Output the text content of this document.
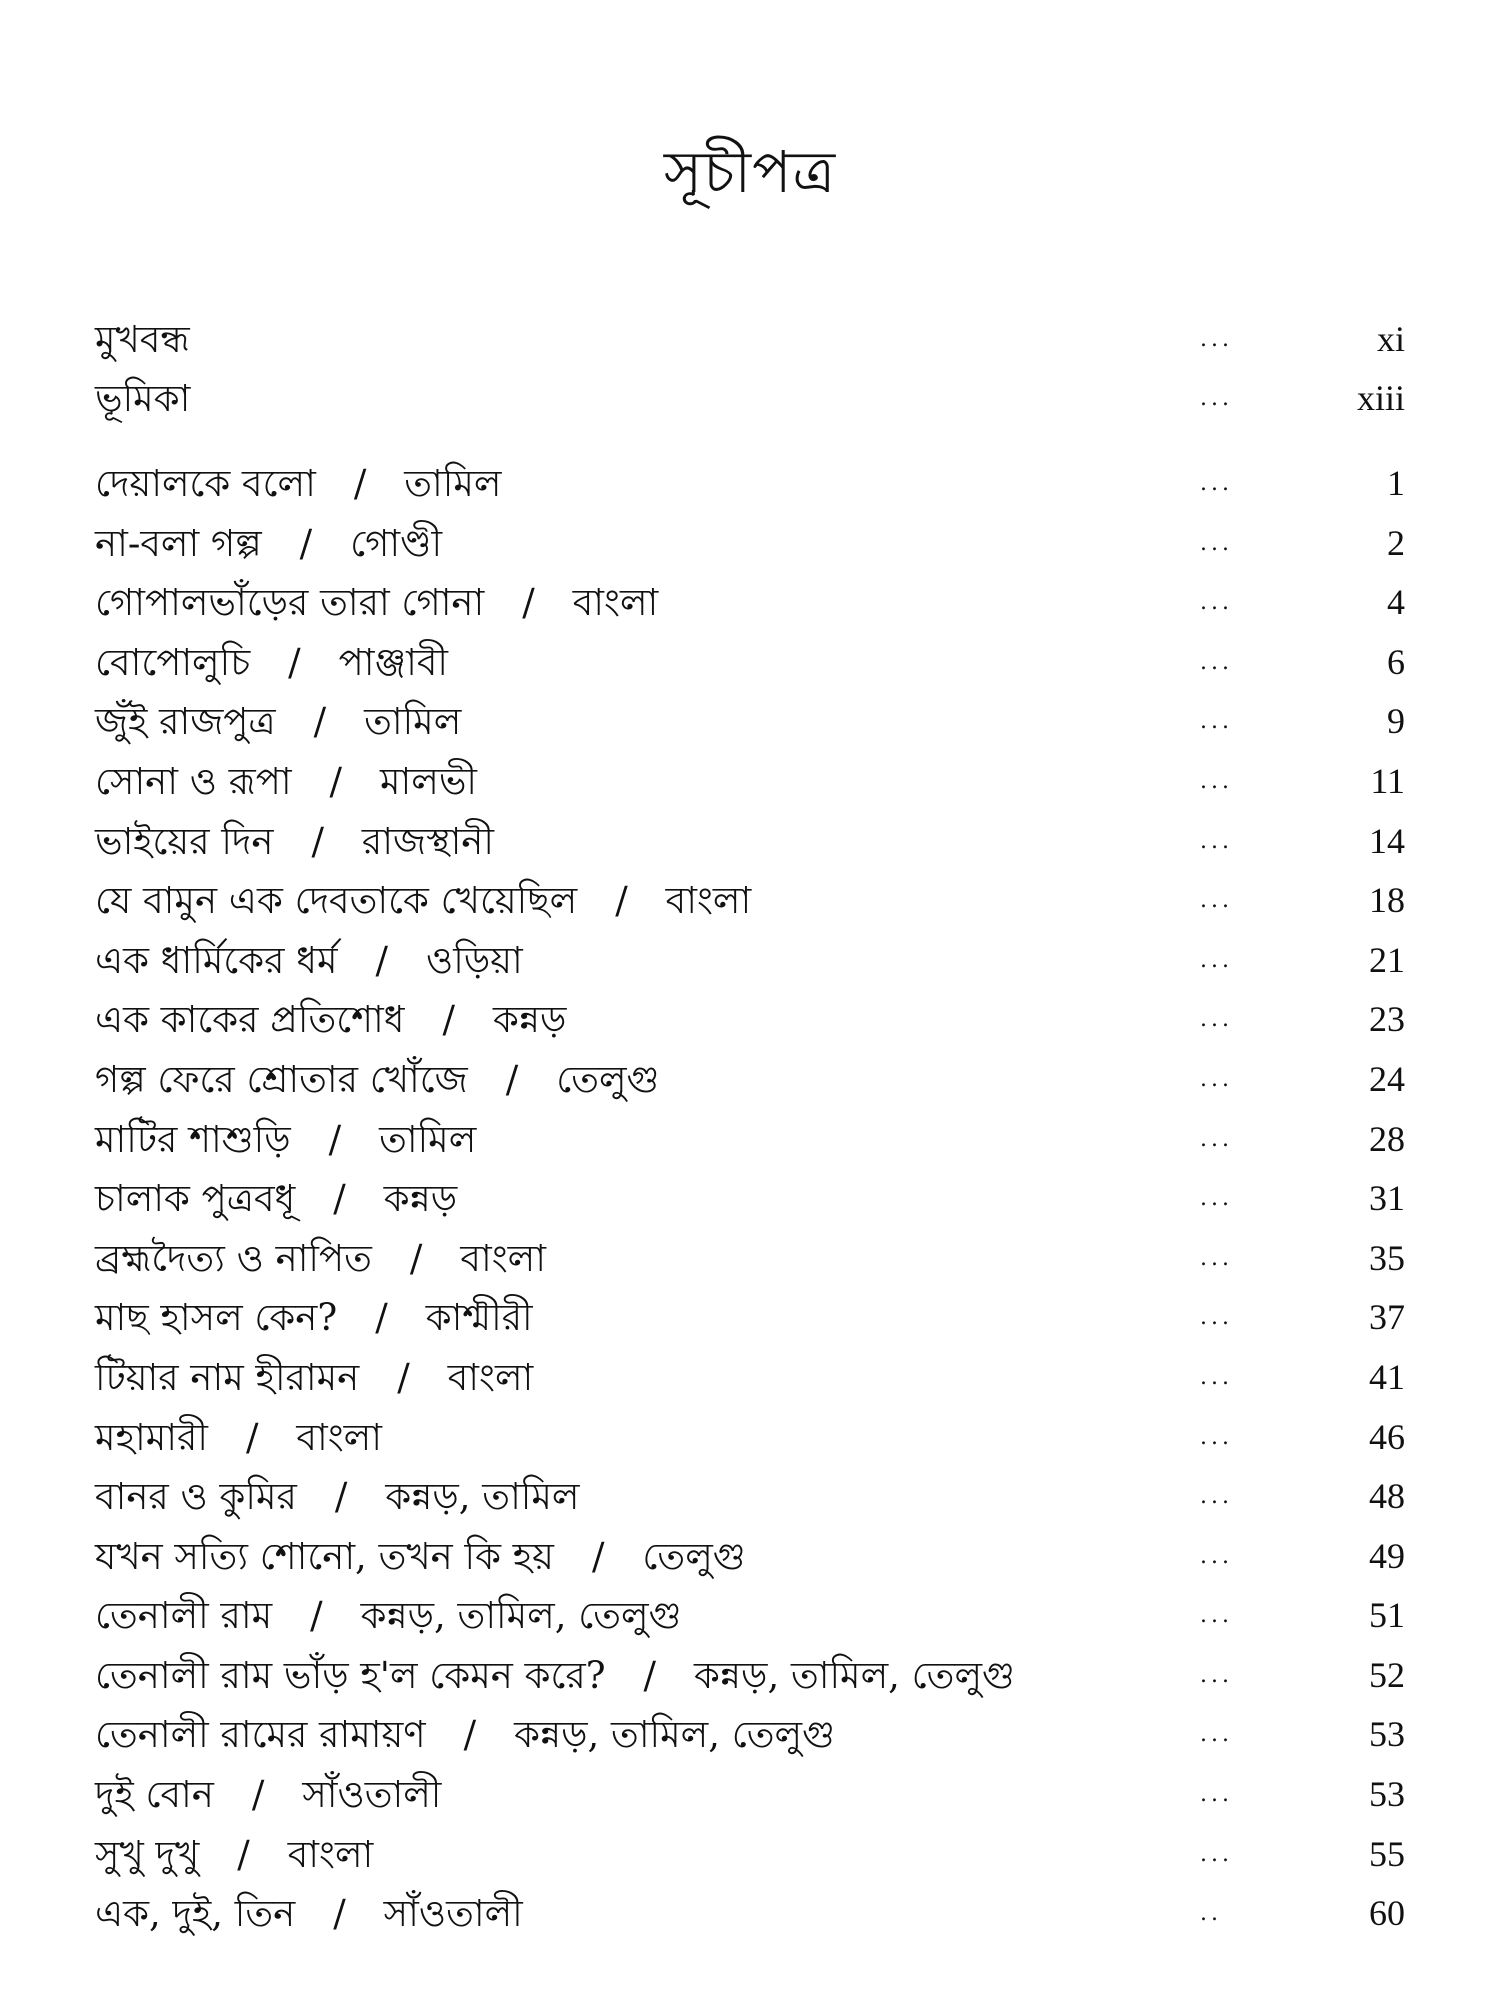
সূচীপত্র
মুখবন্ধ	...	xi
ভূমিকা	...	xiii
দেয়ালকে বলো / তামিল	...	1
না-বলা গল্প / গোণ্ডী	...	2
গোপালভাঁড়ের তারা গোনা / বাংলা	...	4
বোপোলুচি / পাঞ্জাবী	...	6
জুঁই রাজপুত্র / তামিল	...	9
সোনা ও রূপা / মালভী	...	11
ভাইয়ের দিন / রাজস্থানী	...	14
যে বামুন এক দেবতাকে খেয়েছিল / বাংলা	...	18
এক ধার্মিকের ধর্ম / ওড়িয়া	...	21
এক কাকের প্রতিশোধ / কন্নড়	...	23
গল্প ফেরে শ্রোতার খোঁজে / তেলুগু	...	24
মাটির শাশুড়ি / তামিল	...	28
চালাক পুত্রবধূ / কন্নড়	...	31
ব্রহ্মদৈত্য ও নাপিত / বাংলা	...	35
মাছ হাসল কেন? / কাশ্মীরী	...	37
টিয়ার নাম হীরামন / বাংলা	...	41
মহামারী / বাংলা	...	46
বানর ও কুমির / কন্নড়, তামিল	...	48
যখন সত্যি শোনো, তখন কি হয় / তেলুগু	...	49
তেনালী রাম / কন্নড়, তামিল, তেলুগু	...	51
তেনালী রাম ভাঁড় হ'ল কেমন করে? / কন্নড়, তামিল, তেলুগু	...	52
তেনালী রামের রামায়ণ / কন্নড়, তামিল, তেলুগু	...	53
দুই বোন / সাঁওতালী	...	53
সুখু দুখু / বাংলা	...	55
এক, দুই, তিন / সাঁওতালী	..	60
